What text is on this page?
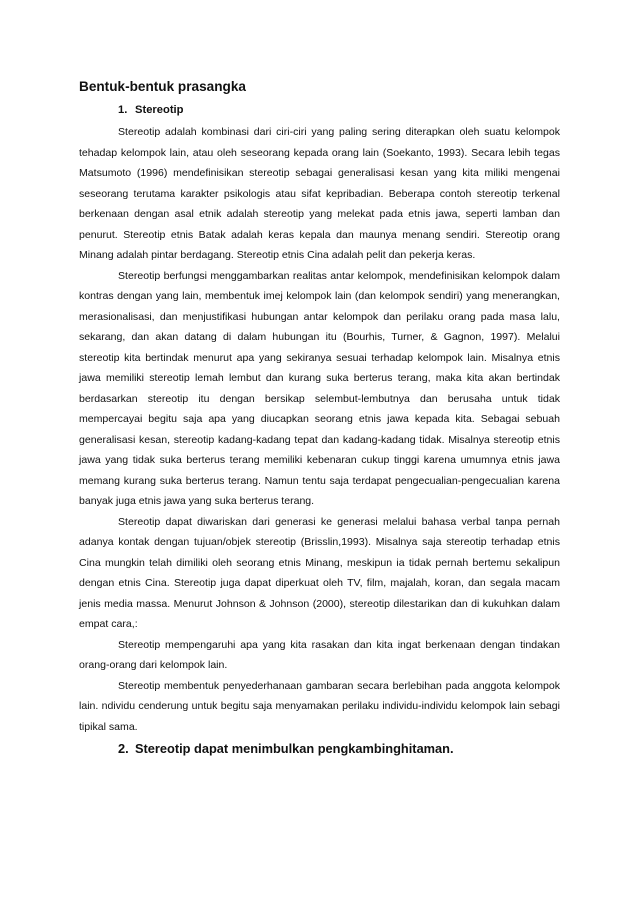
Bentuk-bentuk prasangka
1. Stereotip

Stereotip adalah kombinasi dari ciri-ciri yang paling sering diterapkan oleh suatu kelompok tehadap kelompok lain, atau oleh seseorang kepada orang lain (Soekanto, 1993). Secara lebih tegas Matsumoto (1996) mendefinisikan stereotip sebagai generalisasi kesan yang kita miliki mengenai seseorang terutama karakter psikologis atau sifat kepribadian. Beberapa contoh stereotip terkenal berkenaan dengan asal etnik adalah stereotip yang melekat pada etnis jawa, seperti lamban dan penurut. Stereotip etnis Batak adalah keras kepala dan maunya menang sendiri. Stereotip orang Minang adalah pintar berdagang. Stereotip etnis Cina adalah pelit dan pekerja keras.

Stereotip berfungsi menggambarkan realitas antar kelompok, mendefinisikan kelompok dalam kontras dengan yang lain, membentuk imej kelompok lain (dan kelompok sendiri) yang menerangkan, merasionalisasi, dan menjustifikasi hubungan antar kelompok dan perilaku orang pada masa lalu, sekarang, dan akan datang di dalam hubungan itu (Bourhis, Turner, & Gagnon, 1997). Melalui stereotip kita bertindak menurut apa yang sekiranya sesuai terhadap kelompok lain. Misalnya etnis jawa memiliki stereotip lemah lembut dan kurang suka berterus terang, maka kita akan bertindak berdasarkan stereotip itu dengan bersikap selembut-lembutnya dan berusaha untuk tidak mempercayai begitu saja apa yang diucapkan seorang etnis jawa kepada kita. Sebagai sebuah generalisasi kesan, stereotip kadang-kadang tepat dan kadang-kadang tidak. Misalnya stereotip etnis jawa yang tidak suka berterus terang memiliki kebenaran cukup tinggi karena umumnya etnis jawa memang kurang suka berterus terang. Namun tentu saja terdapat pengecualian-pengecualian karena banyak juga etnis jawa yang suka berterus terang.

Stereotip dapat diwariskan dari generasi ke generasi melalui bahasa verbal tanpa pernah adanya kontak dengan tujuan/objek stereotip (Brisslin,1993). Misalnya saja stereotip terhadap etnis Cina mungkin telah dimiliki oleh seorang etnis Minang, meskipun ia tidak pernah bertemu sekalipun dengan etnis Cina. Stereotip juga dapat diperkuat oleh TV, film, majalah, koran, dan segala macam jenis media massa. Menurut Johnson & Johnson (2000), stereotip dilestarikan dan di kukuhkan dalam empat cara,:

Stereotip mempengaruhi apa yang kita rasakan dan kita ingat berkenaan dengan tindakan orang-orang dari kelompok lain.

Stereotip membentuk penyederhanaan gambaran secara berlebihan pada anggota kelompok lain. ndividu cenderung untuk begitu saja menyamakan perilaku individu-individu kelompok lain sebagi tipikal sama.

2. Stereotip dapat menimbulkan pengkambinghitaman.
